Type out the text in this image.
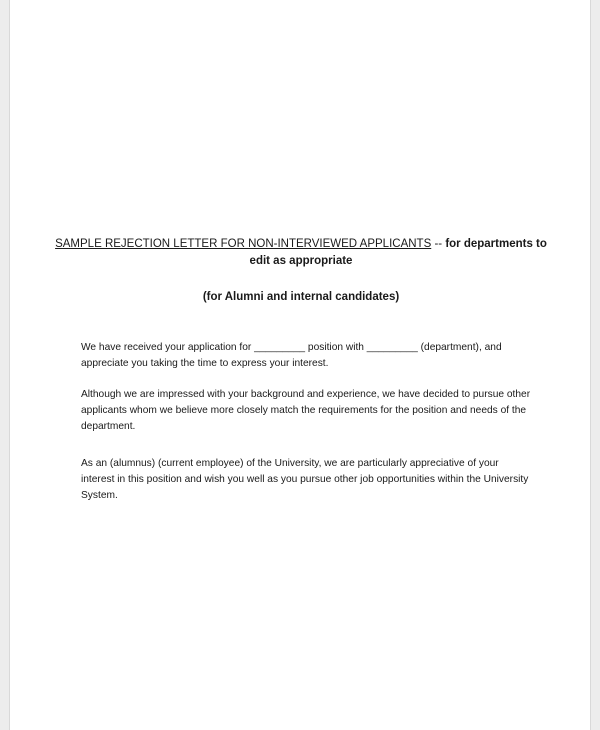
SAMPLE REJECTION LETTER FOR NON-INTERVIEWED APPLICANTS -- for departments to edit as appropriate
(for Alumni and internal candidates)
We have received your application for _________ position with _________ (department), and appreciate you taking the time to express your interest.
Although we are impressed with your background and experience, we have decided to pursue other applicants whom we believe more closely match the requirements for the position and needs of the department.
As an (alumnus) (current employee) of the University, we are particularly appreciative of your interest in this position and wish you well as you pursue other job opportunities within the University System.
